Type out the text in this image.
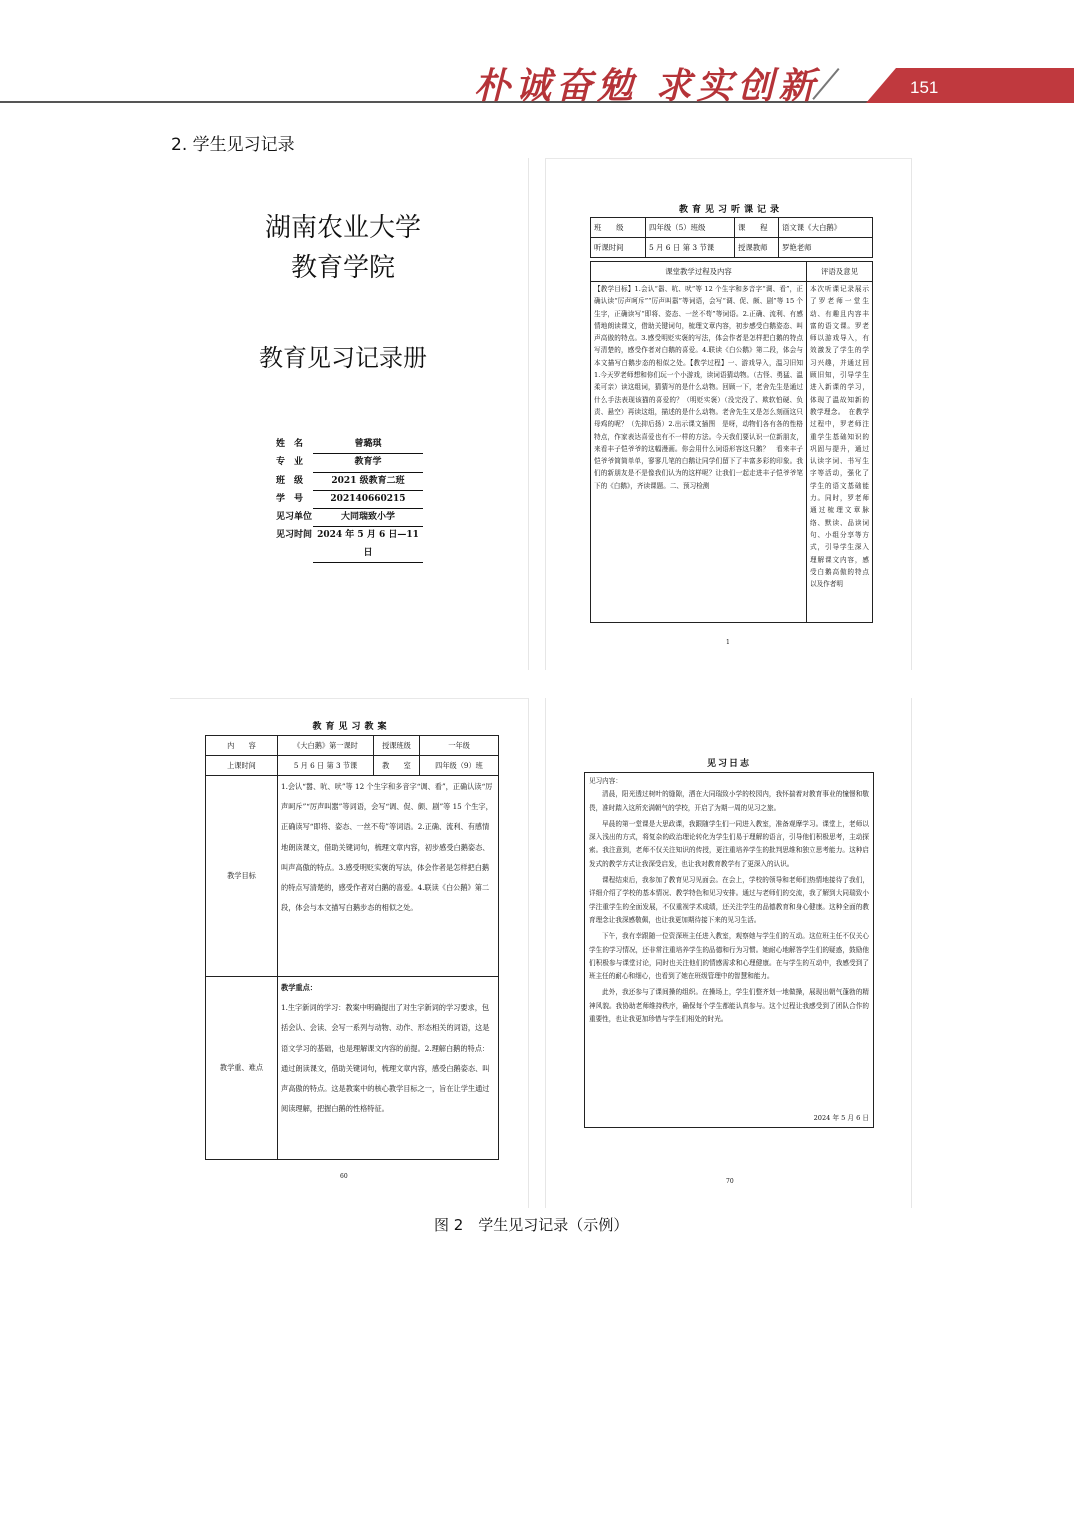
朴诚奋勉 求实创新	151
2. 学生见习记录
湖南农业大学
教育学院
教育见习记录册
姓　名	曾璐琪
专　业	教育学
班　级	2021 级教育二班
学　号	202140660215
见习单位	大同瑞致小学
见习时间 2024 年 5 月 6 日—11 日
教育见习听课记录
班　　级	四年级（5）班级	课　　程	语文课《大白鹅》
听课时间	5 月 6 日 第 3 节课	授课教师	罗艳老师
课堂教学过程及内容	评语及意见

【教学目标】1.会认“嚣、吭、吠”等 12 个生字和多音字“调、看”，正确认读“厉声呵斥”“厉声叫嚣”等词语，会写“调、促、颇、剧”等 15 个生字，正确读写“即将、姿态、一丝不苟”等词语。2.正确、流利、有感情地朗读课文，借助关键词句，梳理文章内容，初步感受白鹅姿态、叫声高傲的特点。3.感受明贬实褒的写法，体会作者是怎样把白鹅的特点写清楚的，感受作者对白鹅的喜爱。4.联读《白公鹅》第二段，体会与本文描写白鹅步态的相似之处。【教学过程】一、游戏导入，温习旧知　1.今天罗老师想和你们玩一个小游戏，读词语猜动物。（古怪、勇猛、温柔可亲）读这组词，猜猜写的是什么动物。回顾一下，老舍先生是通过什么手法表现该猫的喜爱的？（明贬实褒）（没完没了、欺软怕硬、负责、悬空）再读这组，描述的是什么动物。老舍先生又是怎么刻画这只母鸡的呢？（先抑后扬）2.出示课文插图　是呀，动物们各有各的性格特点，作家表达喜爱也有不一样的方法。今天我们要认识一位新朋友，来看丰子恺爷爷的这幅漫画。你会用什么词语形容这只鹅？　看来丰子恺爷爷简简单单，寥寥几笔的白鹅让同学们留下了丰富多彩的印象。我们的新朋友是不是像我们认为的这样呢？让我们一起走进丰子恺爷爷笔下的《白鹅》，齐读课题。二、预习检测	本次听课记录展示了罗老师一堂生动、有趣且内容丰富的语文课。罗老师以游戏导入，有效激发了学生的学习兴趣，并通过回顾旧知，引导学生进入新课的学习，体现了温故知新的教学理念。　在教学过程中，罗老师注重学生基础知识的巩固与提升，通过认读字词、书写生字等活动，强化了学生的语文基础能力。同时，罗老师通过梳理文章脉络、默读、品读词句、小组分享等方式，引导学生深入理解课文内容，感受白鹅高傲的特点以及作者明
1
教育见习教案
内　　容	《大白鹅》第一课时	授课班级	一年级
上课时间	5 月 6 日 第 3 节课	教　　室	四年级（9）班
教学目标	1.会认“嚣、吭、吠”等 12 个生字和多音字“调、看”，正确认读“厉声呵斥”“厉声叫嚣”等词语，会写“调、促、颇、剧”等 15 个生字，正确读写“即将、姿态、一丝不苟”等词语。2.正确、流利、有感情地朗读课文，借助关键词句，梳理文章内容，初步感受白鹅姿态、叫声高傲的特点。3.感受明贬实褒的写法，体会作者是怎样把白鹅的特点写清楚的，感受作者对白鹅的喜爱。4.联读《白公鹅》第二段，体会与本文描写白鹅步态的相似之处。		

教学重、难点	教学重点：
1.生字新词的学习：教案中明确提出了对生字新词的学习要求，包括会认、会读、会写一系列与动物、动作、形态相关的词语，这是语文学习的基础，也是理解课文内容的前提。2.理解白鹅的特点：通过朗读课文，借助关键词句，梳理文章内容，感受白鹅姿态、叫声高傲的特点。这是教案中的核心教学目标之一，旨在让学生通过阅读理解，把握白鹅的性格特征。		
60
见习日志
见习内容：

清晨，阳光透过树叶的缝隙，洒在大同瑞致小学的校园内，我怀揣着对教育事业的憧憬和敬畏，准时踏入这所充满朝气的学校，开启了为期一周的见习之旅。

早晨的第一堂课是大思政课，我跟随学生们一同进入教室，准备观摩学习。课堂上，老师以深入浅出的方式，将复杂的政治理论转化为学生们易于理解的语言，引导他们积极思考，主动探索。我注意到，老师不仅关注知识的传授，更注重培养学生的批判思维和独立思考能力。这种启发式的教学方式让我深受启发，也让我对教育教学有了更深入的认识。

课程结束后，我参加了教育见习见面会。在会上，学校的领导和老师们热情地接待了我们，详细介绍了学校的基本情况、教学特色和见习安排。通过与老师们的交流，我了解到大同瑞致小学注重学生的全面发展，不仅重视学术成绩，还关注学生的品德教育和身心健康。这种全面的教育理念让我深感敬佩，也让我更加期待接下来的见习生活。

下午，我有幸跟随一位资深班主任进入教室，观察她与学生们的互动。这位班主任不仅关心学生的学习情况，还非常注重培养学生的品德和行为习惯。她耐心地解答学生们的疑惑，鼓励他们积极参与课堂讨论，同时也关注他们的情感需求和心理健康。在与学生的互动中，我感受到了班主任的耐心和细心，也看到了她在班级管理中的智慧和能力。

此外，我还参与了课间操的组织。在操场上，学生们整齐划一地做操，展现出朝气蓬勃的精神风貌。我协助老师维持秩序，确保每个学生都能认真参与。这个过程让我感受到了团队合作的重要性，也让我更加珍惜与学生们相处的时光。

2024 年 5 月 6 日
70
图 2　学生见习记录（示例）
